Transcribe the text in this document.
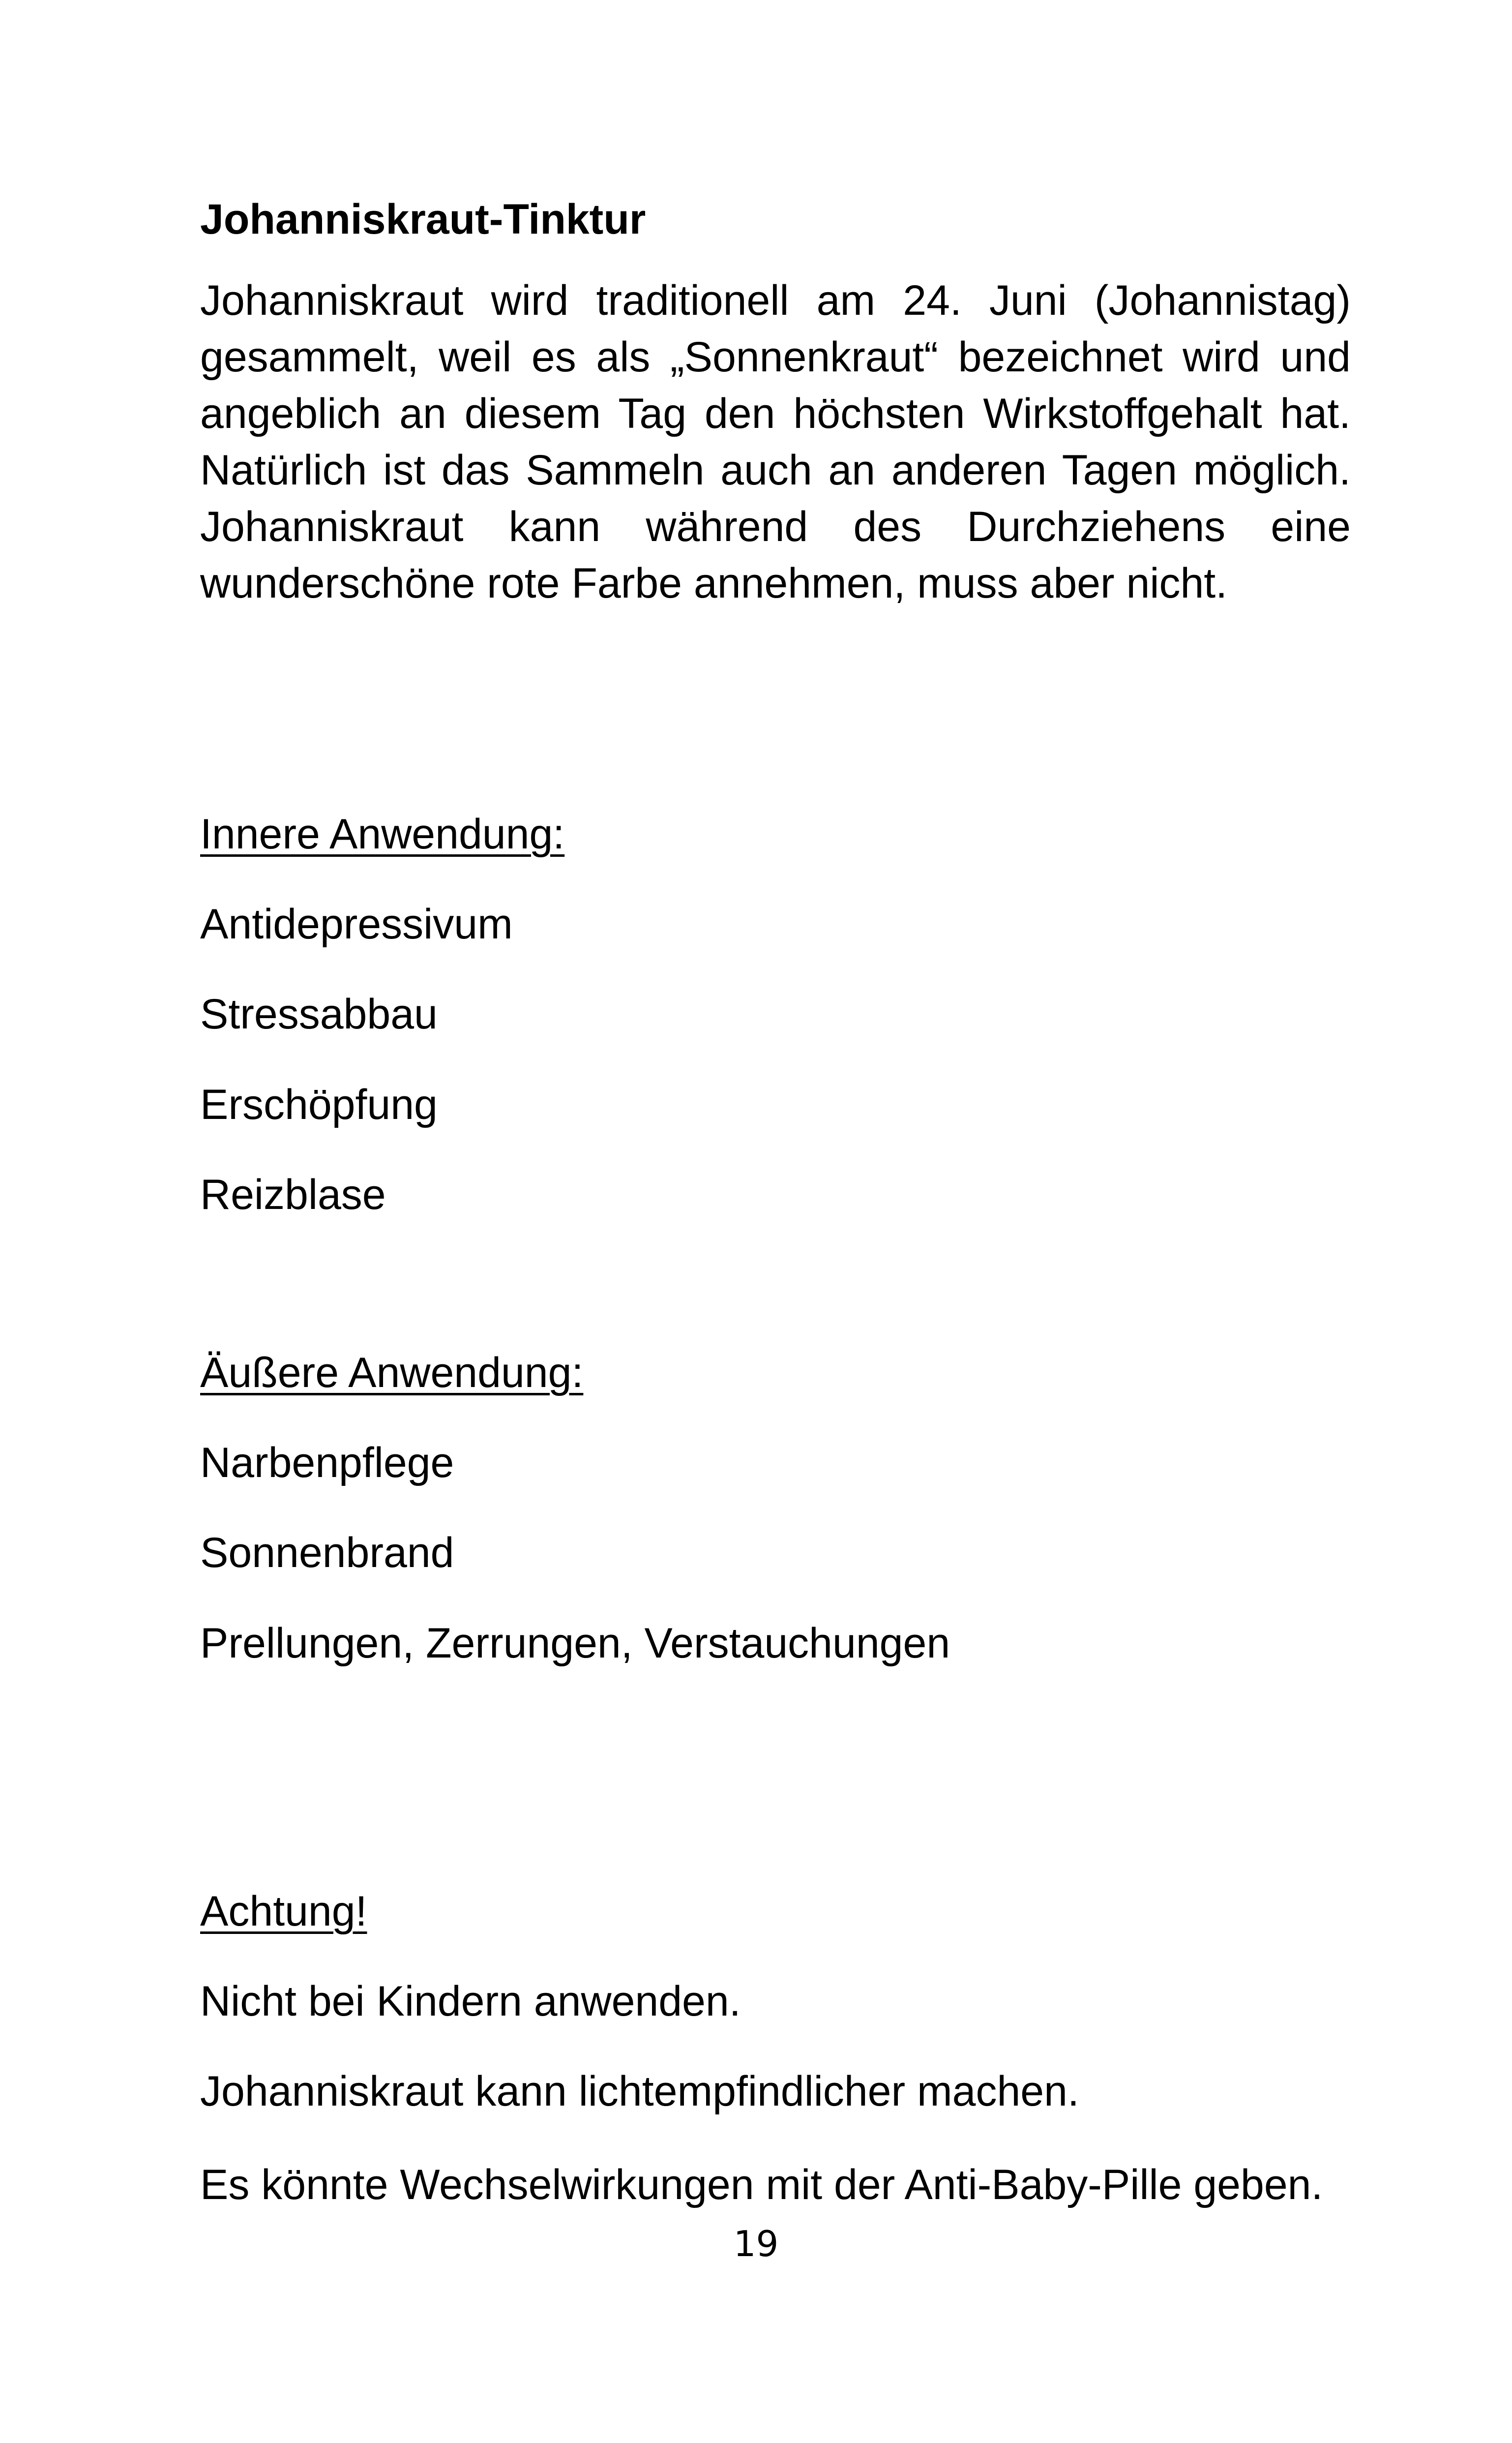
Johanniskraut-Tinktur

Johanniskraut wird traditionell am 24. Juni (Johannistag) gesammelt, weil es als „Sonnenkraut“ bezeichnet wird und angeblich an diesem Tag den höchsten Wirkstoffgehalt hat. Natürlich ist das Sammeln auch an anderen Tagen möglich. Johanniskraut kann während des Durchziehens eine wunderschöne rote Farbe annehmen, muss aber nicht.

Innere Anwendung:
Antidepressivum
Stressabbau
Erschöpfung
Reizblase
Äußere Anwendung:
Narbenpflege
Sonnenbrand
Prellungen, Zerrungen, Verstauchungen
Achtung!
Nicht bei Kindern anwenden.
Johanniskraut kann lichtempfindlicher machen.
Es könnte Wechselwirkungen mit der Anti-Baby-Pille geben.
19
